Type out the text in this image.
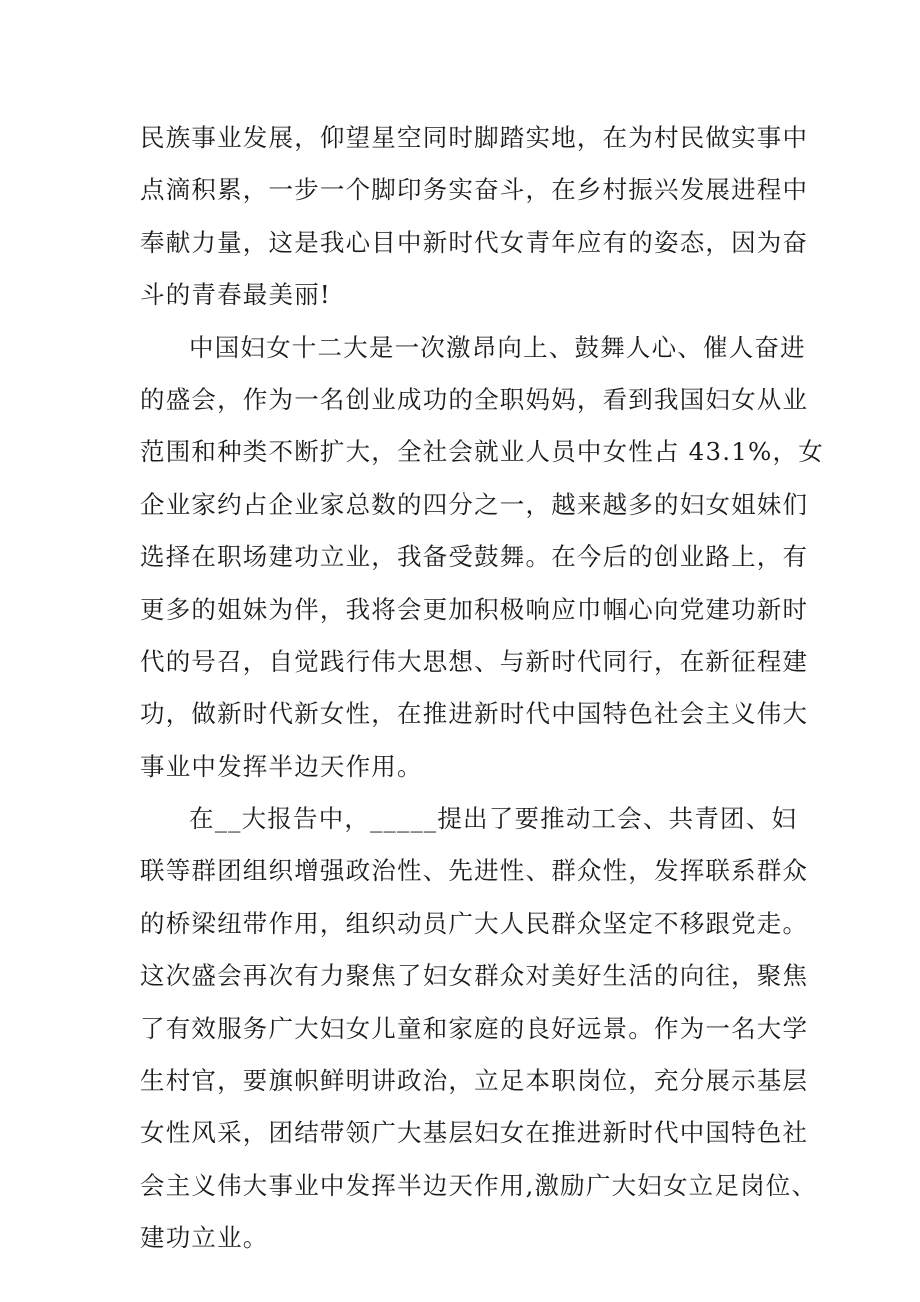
民族事业发展，仰望星空同时脚踏实地，在为村民做实事中
点滴积累，一步一个脚印务实奋斗，在乡村振兴发展进程中
奉献力量，这是我心目中新时代女青年应有的姿态，因为奋
斗的青春最美丽!
中国妇女十二大是一次激昂向上、鼓舞人心、催人奋进
的盛会，作为一名创业成功的全职妈妈，看到我国妇女从业
范围和种类不断扩大，全社会就业人员中女性占 43.1%，女
企业家约占企业家总数的四分之一，越来越多的妇女姐妹们
选择在职场建功立业，我备受鼓舞。在今后的创业路上，有
更多的姐妹为伴，我将会更加积极响应巾帼心向党建功新时
代的号召，自觉践行伟大思想、与新时代同行，在新征程建
功，做新时代新女性，在推进新时代中国特色社会主义伟大
事业中发挥半边天作用。
在__大报告中，_____提出了要推动工会、共青团、妇
联等群团组织增强政治性、先进性、群众性，发挥联系群众
的桥梁纽带作用，组织动员广大人民群众坚定不移跟党走。
这次盛会再次有力聚焦了妇女群众对美好生活的向往，聚焦
了有效服务广大妇女儿童和家庭的良好远景。作为一名大学
生村官，要旗帜鲜明讲政治，立足本职岗位，充分展示基层
女性风采，团结带领广大基层妇女在推进新时代中国特色社
会主义伟大事业中发挥半边天作用,激励广大妇女立足岗位、
建功立业。
